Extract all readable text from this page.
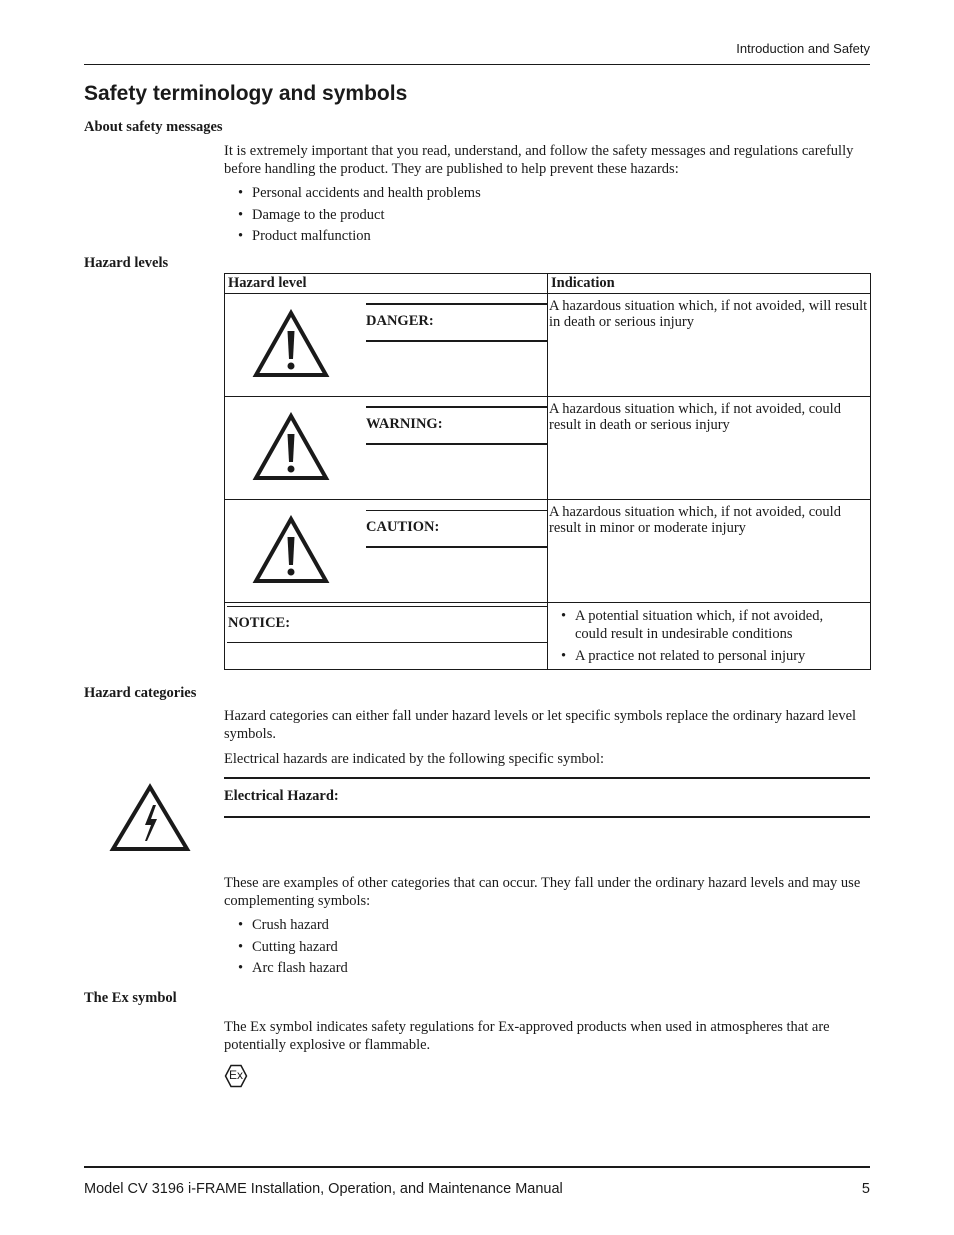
Introduction and Safety
Safety terminology and symbols
About safety messages
It is extremely important that you read, understand, and follow the safety messages and regulations carefully before handling the product. They are published to help prevent these hazards:
• Personal accidents and health problems
• Damage to the product
• Product malfunction
Hazard levels
Hazard level	Indication
DANGER:
A hazardous situation which, if not avoided, will result in death or serious injury
WARNING:
A hazardous situation which, if not avoided, could result in death or serious injury
CAUTION:
A hazardous situation which, if not avoided, could result in minor or moderate injury
NOTICE:
•	A potential situation which, if not avoided, could result in undesirable conditions
• A practice not related to personal injury
Hazard categories
Hazard categories can either fall under hazard levels or let specific symbols replace the ordinary hazard level symbols.
Electrical hazards are indicated by the following specific symbol:
Electrical Hazard:
These are examples of other categories that can occur. They fall under the ordinary hazard levels and may use complementing symbols:
• Crush hazard
• Cutting hazard
• Arc flash hazard
The Ex symbol
The Ex symbol indicates safety regulations for Ex-approved products when used in atmospheres that are potentially explosive or flammable.
Ex
Model CV 3196 i-FRAME Installation, Operation, and Maintenance Manual	5
